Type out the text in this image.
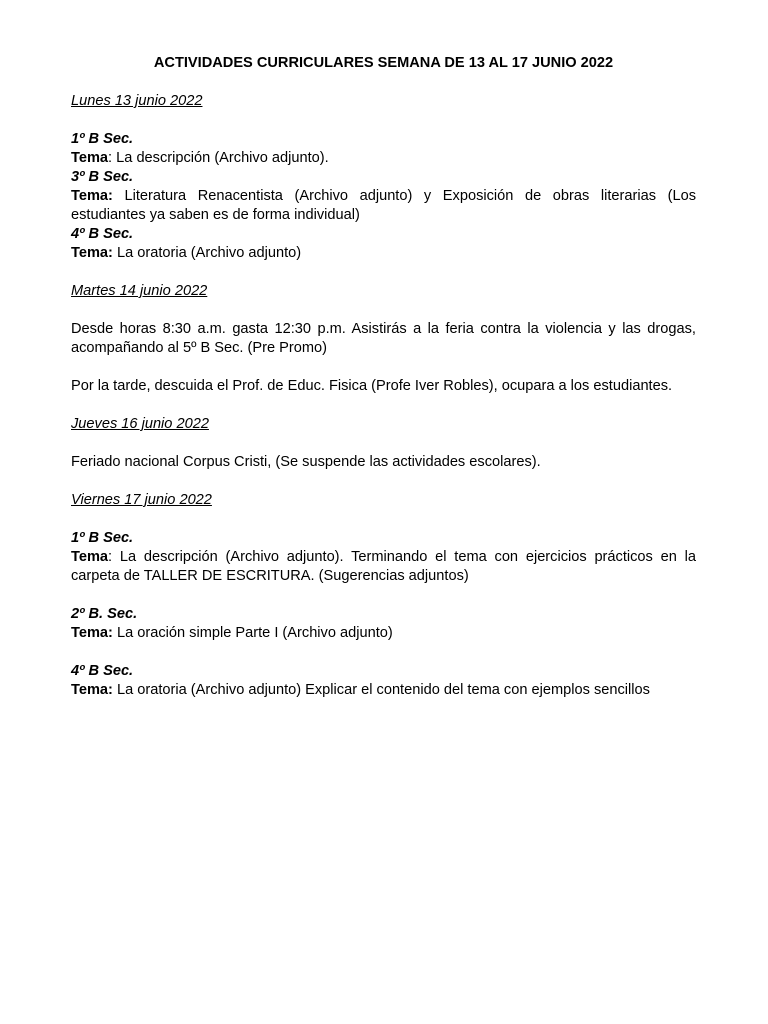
ACTIVIDADES CURRICULARES SEMANA DE 13 AL 17 JUNIO 2022

Lunes 13 junio 2022

1º B Sec.

Tema: La descripción (Archivo adjunto).

3º B Sec.

Tema: Literatura Renacentista (Archivo adjunto) y Exposición de obras literarias (Los estudiantes ya saben es de forma individual)

4º B Sec.

Tema: La oratoria (Archivo adjunto)

Martes 14 junio 2022

Desde horas 8:30 a.m. gasta 12:30 p.m. Asistirás a la feria contra la violencia y las drogas, acompañando al 5º B Sec. (Pre Promo)

Por la tarde, descuida el Prof. de Educ. Fisica (Profe Iver Robles), ocupara a los estudiantes.

Jueves 16 junio 2022

Feriado nacional Corpus Cristi, (Se suspende las actividades escolares).

Viernes 17 junio 2022

1º B Sec.

Tema: La descripción (Archivo adjunto). Terminando el tema con ejercicios prácticos en la carpeta de TALLER DE ESCRITURA. (Sugerencias adjuntos)

2º B. Sec.

Tema: La oración simple Parte I (Archivo adjunto)

4º B Sec.

Tema: La oratoria (Archivo adjunto) Explicar el contenido del tema con ejemplos sencillos
